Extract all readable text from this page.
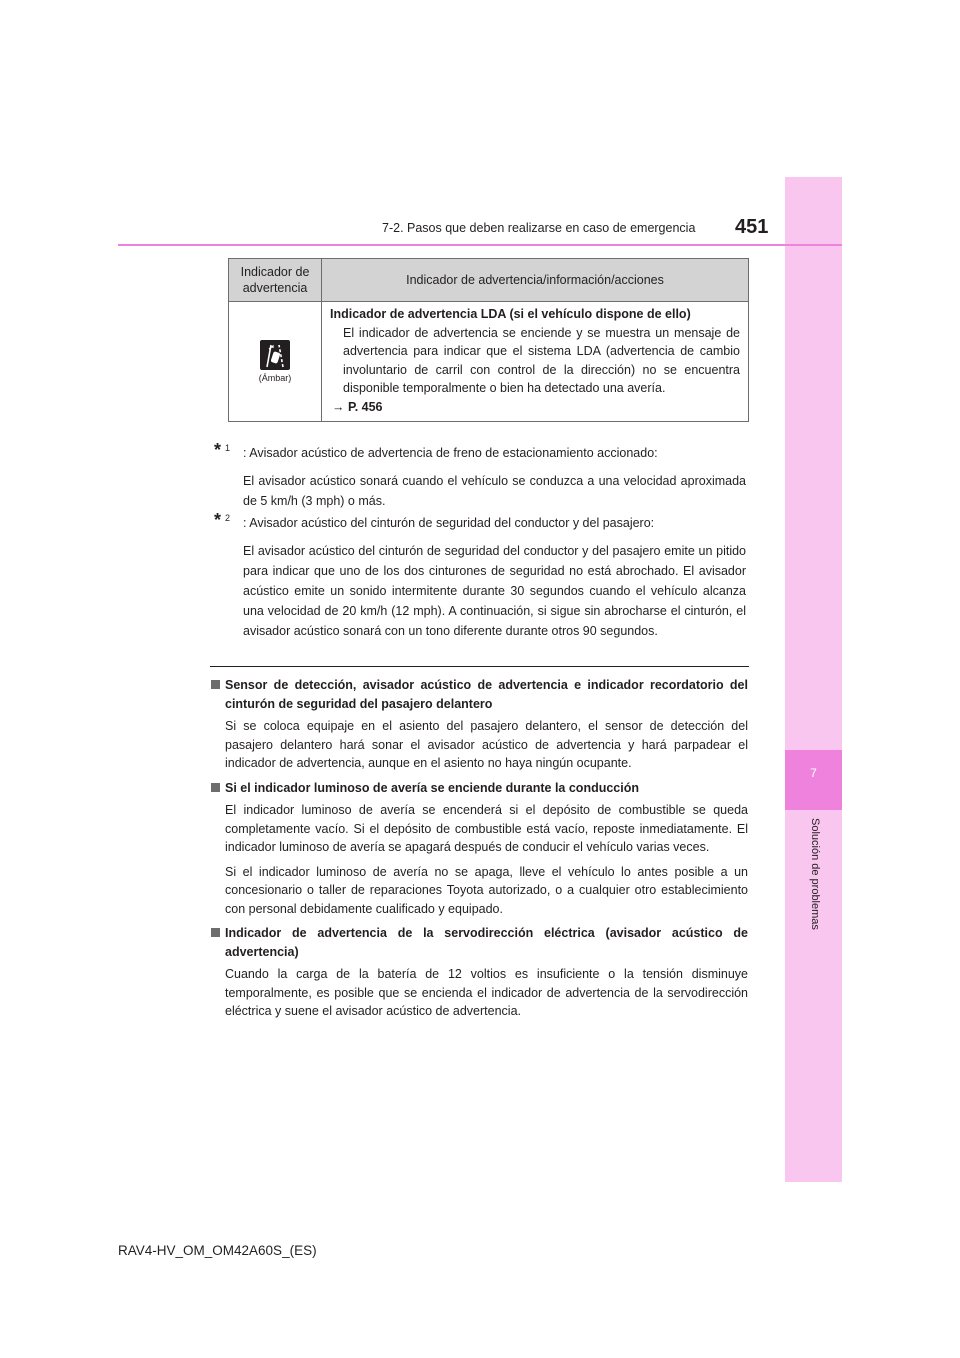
7
Solución de problemas
7-2. Pasos que deben realizarse en caso de emergencia 451
Indicador de advertencia	Indicador de advertencia/información/acciones

(Ámbar)	Indicador de advertencia LDA (si el vehículo dispone de ello)
El indicador de advertencia se enciende y se muestra un mensaje de advertencia para indicar que el sistema LDA (advertencia de cambio involuntario de carril con control de la dirección) no se encuentra disponible temporalmente o bien ha detectado una avería.
→ P. 456
* 1	: Avisador acústico de advertencia de freno de estacionamiento accionado:
El avisador acústico sonará cuando el vehículo se conduzca a una velocidad aproximada de 5 km/h (3 mph) o más.
* 2	: Avisador acústico del cinturón de seguridad del conductor y del pasajero:
El avisador acústico del cinturón de seguridad del conductor y del pasajero emite un pitido para indicar que uno de los dos cinturones de seguridad no está abrochado. El avisador acústico emite un sonido intermitente durante 30 segundos cuando el vehículo alcanza una velocidad de 20 km/h (12 mph). A continuación, si sigue sin abrocharse el cinturón, el avisador acústico sonará con un tono diferente durante otros 90 segundos.
Sensor de detección, avisador acústico de advertencia e indicador recordatorio del cinturón de seguridad del pasajero delantero
Si se coloca equipaje en el asiento del pasajero delantero, el sensor de detección del pasajero delantero hará sonar el avisador acústico de advertencia y hará parpadear el indicador de advertencia, aunque en el asiento no haya ningún ocupante.
Si el indicador luminoso de avería se enciende durante la conducción
El indicador luminoso de avería se encenderá si el depósito de combustible se queda completamente vacío. Si el depósito de combustible está vacío, reposte inmediatamente. El indicador luminoso de avería se apagará después de conducir el vehículo varias veces.
Si el indicador luminoso de avería no se apaga, lleve el vehículo lo antes posible a un concesionario o taller de reparaciones Toyota autorizado, o a cualquier otro establecimiento con personal debidamente cualificado y equipado.
Indicador de advertencia de la servodirección eléctrica (avisador acústico de advertencia)
Cuando la carga de la batería de 12 voltios es insuficiente o la tensión disminuye temporalmente, es posible que se encienda el indicador de advertencia de la servodirección eléctrica y suene el avisador acústico de advertencia.
RAV4-HV_OM_OM42A60S_(ES)
